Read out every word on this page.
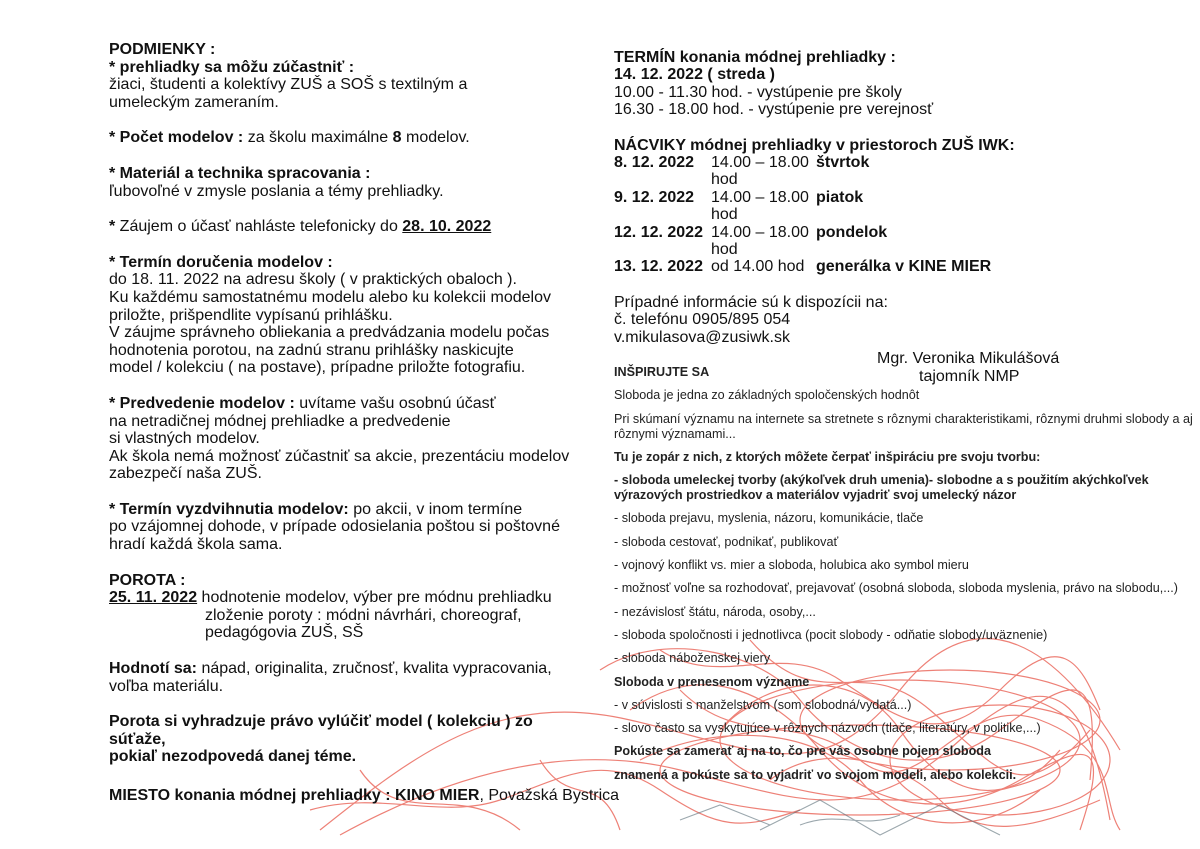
PODMIENKY :

* prehliadky sa môžu zúčastniť :

žiaci, študenti a kolektívy ZUŠ a SOŠ s textilným a

umeleckým zameraním.

* Počet modelov : za školu maximálne 8 modelov.

* Materiál a technika spracovania :

ľubovoľné v zmysle poslania a témy prehliadky.

* Záujem o účasť nahláste telefonicky do 28. 10. 2022

* Termín doručenia modelov :

do 18. 11. 2022 na adresu školy ( v praktických obaloch ).

Ku každému samostatnému modelu alebo ku kolekcii modelov

priložte, prišpendlite vypísanú prihlášku.

V záujme správneho obliekania a predvádzania modelu počas

hodnotenia porotou, na zadnú stranu prihlášky naskicujte

model / kolekciu ( na postave), prípadne priložte fotografiu.

* Predvedenie modelov : uvítame vašu osobnú účasť

na netradičnej módnej prehliadke a predvedenie

si vlastných modelov.

Ak škola nemá možnosť zúčastniť sa akcie, prezentáciu modelov

zabezpečí naša ZUŠ.

* Termín vyzdvihnutia modelov: po akcii, v inom termíne

po vzájomnej dohode, v prípade odosielania poštou si poštovné

hradí každá škola sama.

POROTA :

25. 11. 2022 hodnotenie modelov, výber pre módnu prehliadku

zloženie poroty : módni návrhári, choreograf,

pedagógovia ZUŠ, SŠ

Hodnotí sa: nápad, originalita, zručnosť, kvalita vypracovania,

voľba materiálu.

Porota si vyhradzuje právo vylúčiť model ( kolekciu ) zo súťaže,

pokiaľ nezodpovedá danej téme.

MIESTO konania módnej prehliadky : KINO MIER, Považská Bystrica

TERMÍN konania módnej prehliadky :

14. 12. 2022 ( streda )

10.00 - 11.30 hod. - vystúpenie pre školy

16.30 - 18.00 hod. - vystúpenie pre verejnosť

NÁCVIKY módnej prehliadky v priestoroch ZUŠ IWK:

8. 12. 2022	14.00 – 18.00 hod
štvrtok
9. 12. 2022	14.00 – 18.00 hod
piatok
12. 12. 2022 14.00 – 18.00 hod
pondelok
13. 12. 2022 od 14.00 hod generálka v KINE MIER

Prípadné informácie sú k dispozícii na:

č. telefónu 0905/895 054

v.mikulasova@zusiwk.sk

Mgr. Veronika Mikulášová

tajomník NMP

INŠPIRUJTE SA

Sloboda je jedna zo základných spoločenských hodnôt

Pri skúmaní významu na internete sa stretnete s rôznymi charakteristikami, rôznymi druhmi slobody a aj rôznymi významami...

Tu je zopár z nich, z ktorých môžete čerpať inšpiráciu pre svoju tvorbu:

- sloboda umeleckej tvorby (akýkoľvek druh umenia)- slobodne a s použitím akýchkoľvek výrazových prostriedkov a materiálov vyjadriť svoj umelecký názor

- sloboda prejavu, myslenia, názoru, komunikácie, tlače

- sloboda cestovať, podnikať, publikovať

- vojnový konflikt vs. mier a sloboda, holubica ako symbol mieru

- možnosť voľne sa rozhodovať, prejavovať (osobná sloboda, sloboda myslenia, právo na slobodu,...)

- nezávislosť štátu, národa, osoby,...

- sloboda spoločnosti i jednotlivca (pocit slobody - odňatie slobody/uväznenie)

- sloboda náboženskej viery

Sloboda v prenesenom význame

- v súvislosti s manželstvom (som slobodná/vydatá...)

- slovo často sa vyskytujúce v rôznych názvoch (tlače, literatúry, v politike,...)

Pokúste sa zamerať aj na to, čo pre vás osobne pojem sloboda

znamená a pokúste sa to vyjadriť vo svojom modeli, alebo kolekcii.
